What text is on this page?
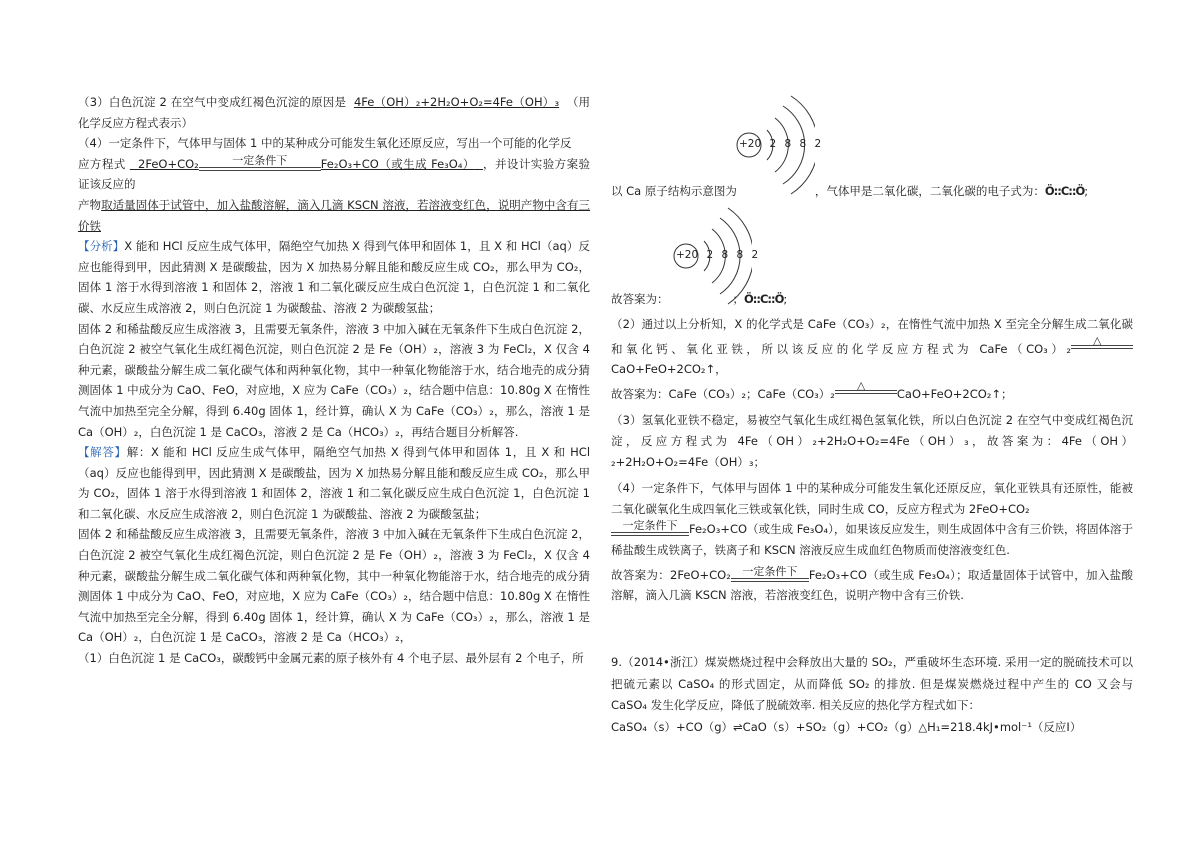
（3）白色沉淀 2 在空气中变成红褐色沉淀的原因是 4Fe（OH）₂+2H₂O+O₂=4Fe（OH）₃ （用化学反应方程式表示）

（4）一定条件下，气体甲与固体 1 中的某种成分可能发生氧化还原反应，写出一个可能的化学反
应方程式 2FeO+CO₂	一定条件下	Fe₂O₃+CO（或生成 Fe₃O₄） ，并设计实验方案验证该反应的
产物取适量固体于试管中，加入盐酸溶解，滴入几滴 KSCN 溶液，若溶液变红色，说明产物中含有三价铁

【分析】X 能和 HCl 反应生成气体甲，隔绝空气加热 X 得到气体甲和固体 1，且 X 和 HCl（aq）反应也能得到甲，因此猜测 X 是碳酸盐，因为 X 加热易分解且能和酸反应生成 CO₂，那么甲为 CO₂，固体 1 溶于水得到溶液 1 和固体 2，溶液 1 和二氧化碳反应生成白色沉淀 1，白色沉淀 1 和二氧化碳、水反应生成溶液 2，则白色沉淀 1 为碳酸盐、溶液 2 为碳酸氢盐；

固体 2 和稀盐酸反应生成溶液 3，且需要无氧条件，溶液 3 中加入碱在无氧条件下生成白色沉淀 2，白色沉淀 2 被空气氧化生成红褐色沉淀，则白色沉淀 2 是 Fe（OH）₂，溶液 3 为 FeCl₂，X 仅含 4 种元素，碳酸盐分解生成二氧化碳气体和两种氧化物，其中一种氧化物能溶于水，结合地壳的成分猜测固体 1 中成分为 CaO、FeO，对应地，X 应为 CaFe（CO₃）₂，结合题中信息：10.80g X 在惰性气流中加热至完全分解，得到 6.40g 固体 1，经计算，确认 X 为 CaFe（CO₃）₂，那么，溶液 1 是 Ca（OH）₂，白色沉淀 1 是 CaCO₃，溶液 2 是 Ca（HCO₃）₂，再结合题目分析解答.

【解答】解：X 能和 HCl 反应生成气体甲，隔绝空气加热 X 得到气体甲和固体 1，且 X 和 HCl（aq）反应也能得到甲，因此猜测 X 是碳酸盐，因为 X 加热易分解且能和酸反应生成 CO₂，那么甲为 CO₂，固体 1 溶于水得到溶液 1 和固体 2，溶液 1 和二氧化碳反应生成白色沉淀 1，白色沉淀 1 和二氧化碳、水反应生成溶液 2，则白色沉淀 1 为碳酸盐、溶液 2 为碳酸氢盐；

固体 2 和稀盐酸反应生成溶液 3，且需要无氧条件，溶液 3 中加入碱在无氧条件下生成白色沉淀 2，白色沉淀 2 被空气氧化生成红褐色沉淀，则白色沉淀 2 是 Fe（OH）₂，溶液 3 为 FeCl₂，X 仅含 4 种元素，碳酸盐分解生成二氧化碳气体和两种氧化物，其中一种氧化物能溶于水，结合地壳的成分猜测固体 1 中成分为 CaO、FeO，对应地，X 应为 CaFe（CO₃）₂，结合题中信息：10.80g X 在惰性气流中加热至完全分解，得到 6.40g 固体 1，经计算，确认 X 为 CaFe（CO₃）₂，那么，溶液 1 是 Ca（OH）₂，白色沉淀 1 是 CaCO₃，溶液 2 是 Ca（HCO₃）₂，

（1）白色沉淀 1 是 CaCO₃，碳酸钙中金属元素的原子核外有 4 个电子层、最外层有 2 个电子，所

+20 2 8 8 2
+20 2 8 8 2
以 Ca 原子结构示意图为	，气体甲是二氧化碳，二氧化碳的电子式为：Ö::C::Ö;
故答案为：	；Ö::C::Ö;

（2）通过以上分析知，X 的化学式是 CaFe（CO₃）₂，在惰性气流中加热 X 至完全分解生成二氧化碳和氧化钙、氧化亚铁，所以该反应的化学反应方程式为 CaFe（CO₃）₂
△
CaO+FeO+2CO₂↑，

故答案为：CaFe（CO₃）₂；CaFe（CO₃）₂
△
CaO+FeO+2CO₂↑；

（3）氢氧化亚铁不稳定，易被空气氧化生成红褐色氢氧化铁，所以白色沉淀 2 在空气中变成红褐色沉淀，反应方程式为 4Fe（OH）₂+2H₂O+O₂=4Fe（OH）₃，故答案为：4Fe（OH）₂+2H₂O+O₂=4Fe（OH）₃；

（4）一定条件下，气体甲与固体 1 中的某种成分可能发生氧化还原反应，氧化亚铁具有还原性，能被二氧化碳氧化生成四氧化三铁或氧化铁，同时生成 CO，反应方程式为 2FeO+CO₂

一定条件下	Fe₂O₃+CO（或生成 Fe₃O₄），如果该反应发生，则生成固体中含有三价铁，将固体溶于稀盐酸生成铁离子，铁离子和 KSCN 溶液反应生成血红色物质而使溶液变红色.

故答案为：2FeO+CO₂	一定条件下	Fe₂O₃+CO（或生成 Fe₃O₄）；取适量固体于试管中，加入盐酸溶解，滴入几滴 KSCN 溶液，若溶液变红色，说明产物中含有三价铁.

9.（2014•浙江）煤炭燃烧过程中会释放出大量的 SO₂，严重破坏生态环境. 采用一定的脱硫技术可以把硫元素以 CaSO₄ 的形式固定，从而降低 SO₂ 的排放. 但是煤炭燃烧过程中产生的 CO 又会与 CaSO₄ 发生化学反应，降低了脱硫效率. 相关反应的热化学方程式如下：

CaSO₄（s）+CO（g）⇌CaO（s）+SO₂（g）+CO₂（g）△H₁=218.4kJ•mol⁻¹（反应Ⅰ）
